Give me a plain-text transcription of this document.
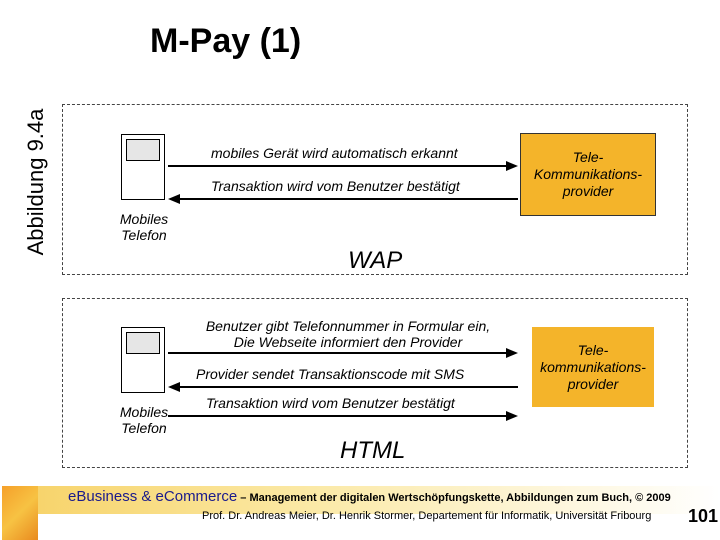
M-Pay (1)
Abbildung 9.4a	Mobiles
Telefon
mobiles Gerät wird automatisch erkannt
Transaktion wird vom Benutzer bestätigt
Tele-
Kommunikations-
provider
WAP
Mobiles
Telefon
Benutzer gibt Telefonnummer in Formular ein,
Die Webseite informiert den Provider
Provider sendet Transaktionscode mit SMS
Transaktion wird vom Benutzer bestätigt
Tele-
kommunikations-
provider
HTML
eBusiness & eCommerce – Management der digitalen Wertschöpfungskette, Abbildungen zum Buch, © 2009
Prof. Dr. Andreas Meier, Dr. Henrik Stormer, Departement für Informatik, Universität Fribourg 101
